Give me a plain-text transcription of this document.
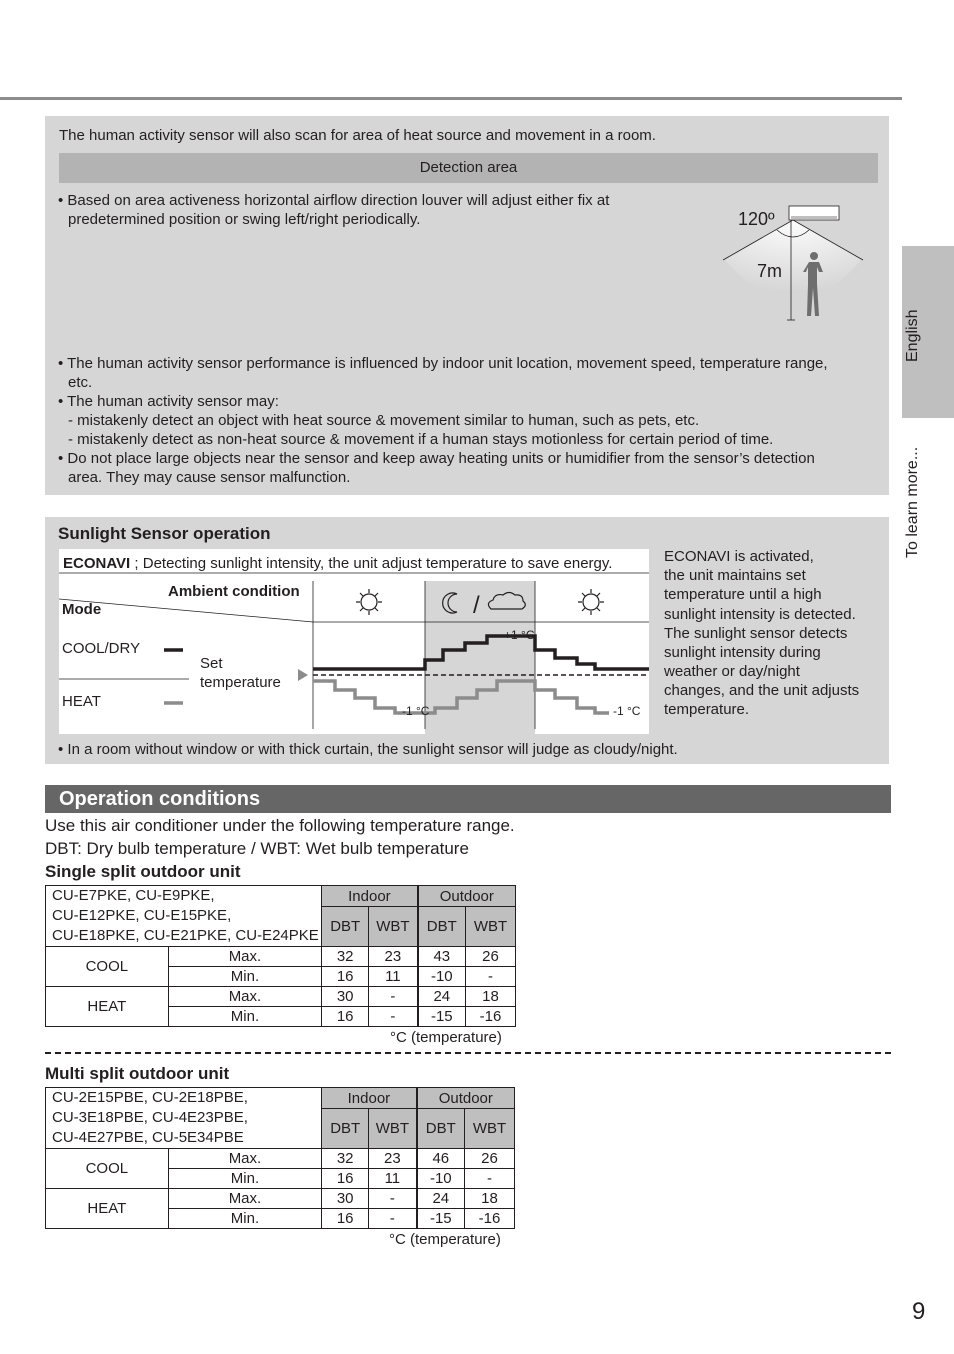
English
To learn more...
The human activity sensor will also scan for area of heat source and movement in a room.
Detection area
• Based on area activeness horizontal airflow direction louver will adjust either fix at
predetermined position or swing left/right periodically.	120º
7m
• The human activity sensor performance is influenced by indoor unit location, movement speed, temperature range,
etc.
• The human activity sensor may:
- mistakenly detect an object with heat source & movement similar to human, such as pets, etc.
- mistakenly detect as non-heat source & movement if a human stays motionless for certain period of time.
• Do not place large objects near the sensor and keep away heating units or humidifier from the sensor’s detection
area. They may cause sensor malfunction.
Sunlight Sensor operation
ECONAVI ; Detecting sunlight intensity, the unit adjust temperature to save energy.
/
Ambient condition
Mode
COOL/DRY
HEAT
Set
temperature
+1 °C
-1 °C	-1 °C
ECONAVI is activated,
the unit maintains set
temperature until a high
sunlight intensity is detected.
The sunlight sensor detects
sunlight intensity during
weather or day/night
changes, and the unit adjusts
temperature.
• In a room without window or with thick curtain, the sunlight sensor will judge as cloudy/night.
Operation conditions
Use this air conditioner under the following temperature range.
DBT: Dry bulb temperature / WBT: Wet bulb temperature
Single split outdoor unit
CU-E7PKE, CU-E9PKE,
CU-E12PKE, CU-E15PKE,
CU-E18PKE, CU-E21PKE, CU-E24PKE		Indoor		Outdoor	
		DBT	WBT	DBT	WBT
COOL	Max.	32	23	43	26
	Min.	16	11	-10	-
HEAT	Max.	30	-	24	18
	Min.	16	-	-15	-16
°C (temperature)
Multi split outdoor unit
CU-2E15PBE, CU-2E18PBE,
CU-3E18PBE, CU-4E23PBE,
CU-4E27PBE, CU-5E34PBE		Indoor		Outdoor	
		DBT	WBT	DBT	WBT
COOL	Max.	32	23	46	26
	Min.	16	11	-10	-
HEAT	Max.	30	-	24	18
	Min.	16	-	-15	-16
°C (temperature)
9
